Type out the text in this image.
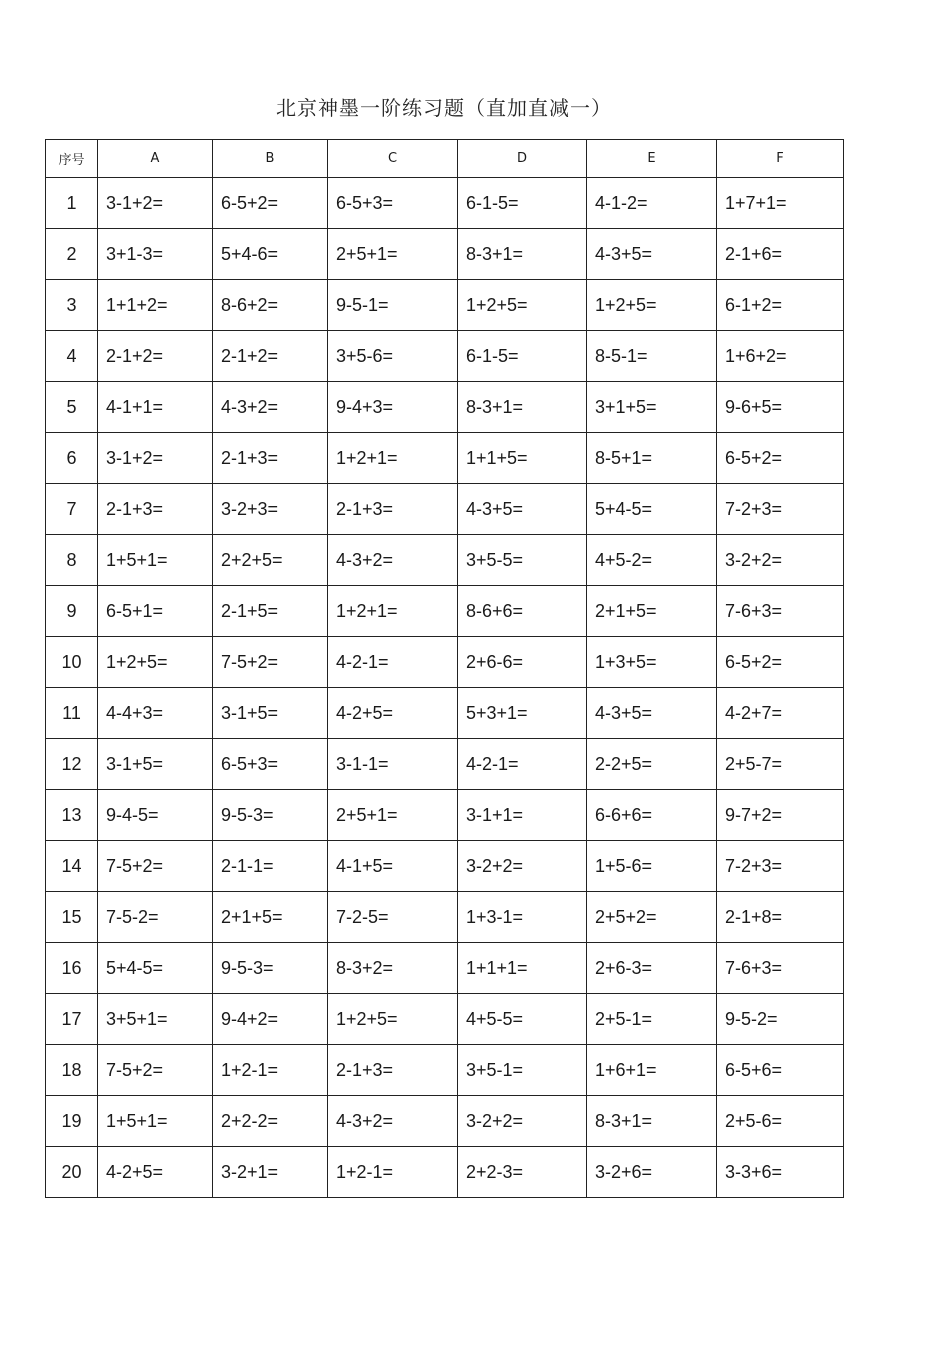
北京神墨一阶练习题（直加直减一）
序号	A	B	C	D	E	F
1	3-1+2=	6-5+2=	6-5+3=	6-1-5=	4-1-2=	1+7+1=
2	3+1-3=	5+4-6=	2+5+1=	8-3+1=	4-3+5=	2-1+6=
3	1+1+2=	8-6+2=	9-5-1=	1+2+5=	1+2+5=	6-1+2=
4	2-1+2=	2-1+2=	3+5-6=	6-1-5=	8-5-1=	1+6+2=
5	4-1+1=	4-3+2=	9-4+3=	8-3+1=	3+1+5=	9-6+5=
6	3-1+2=	2-1+3=	1+2+1=	1+1+5=	8-5+1=	6-5+2=
7	2-1+3=	3-2+3=	2-1+3=	4-3+5=	5+4-5=	7-2+3=
8	1+5+1=	2+2+5=	4-3+2=	3+5-5=	4+5-2=	3-2+2=
9	6-5+1=	2-1+5=	1+2+1=	8-6+6=	2+1+5=	7-6+3=
10	1+2+5=	7-5+2=	4-2-1=	2+6-6=	1+3+5=	6-5+2=
11	4-4+3=	3-1+5=	4-2+5=	5+3+1=	4-3+5=	4-2+7=
12	3-1+5=	6-5+3=	3-1-1=	4-2-1=	2-2+5=	2+5-7=
13	9-4-5=	9-5-3=	2+5+1=	3-1+1=	6-6+6=	9-7+2=
14	7-5+2=	2-1-1=	4-1+5=	3-2+2=	1+5-6=	7-2+3=
15	7-5-2=	2+1+5=	7-2-5=	1+3-1=	2+5+2=	2-1+8=
16	5+4-5=	9-5-3=	8-3+2=	1+1+1=	2+6-3=	7-6+3=
17	3+5+1=	9-4+2=	1+2+5=	4+5-5=	2+5-1=	9-5-2=
18	7-5+2=	1+2-1=	2-1+3=	3+5-1=	1+6+1=	6-5+6=
19	1+5+1=	2+2-2=	4-3+2=	3-2+2=	8-3+1=	2+5-6=
20	4-2+5=	3-2+1=	1+2-1=	2+2-3=	3-2+6=	3-3+6=
